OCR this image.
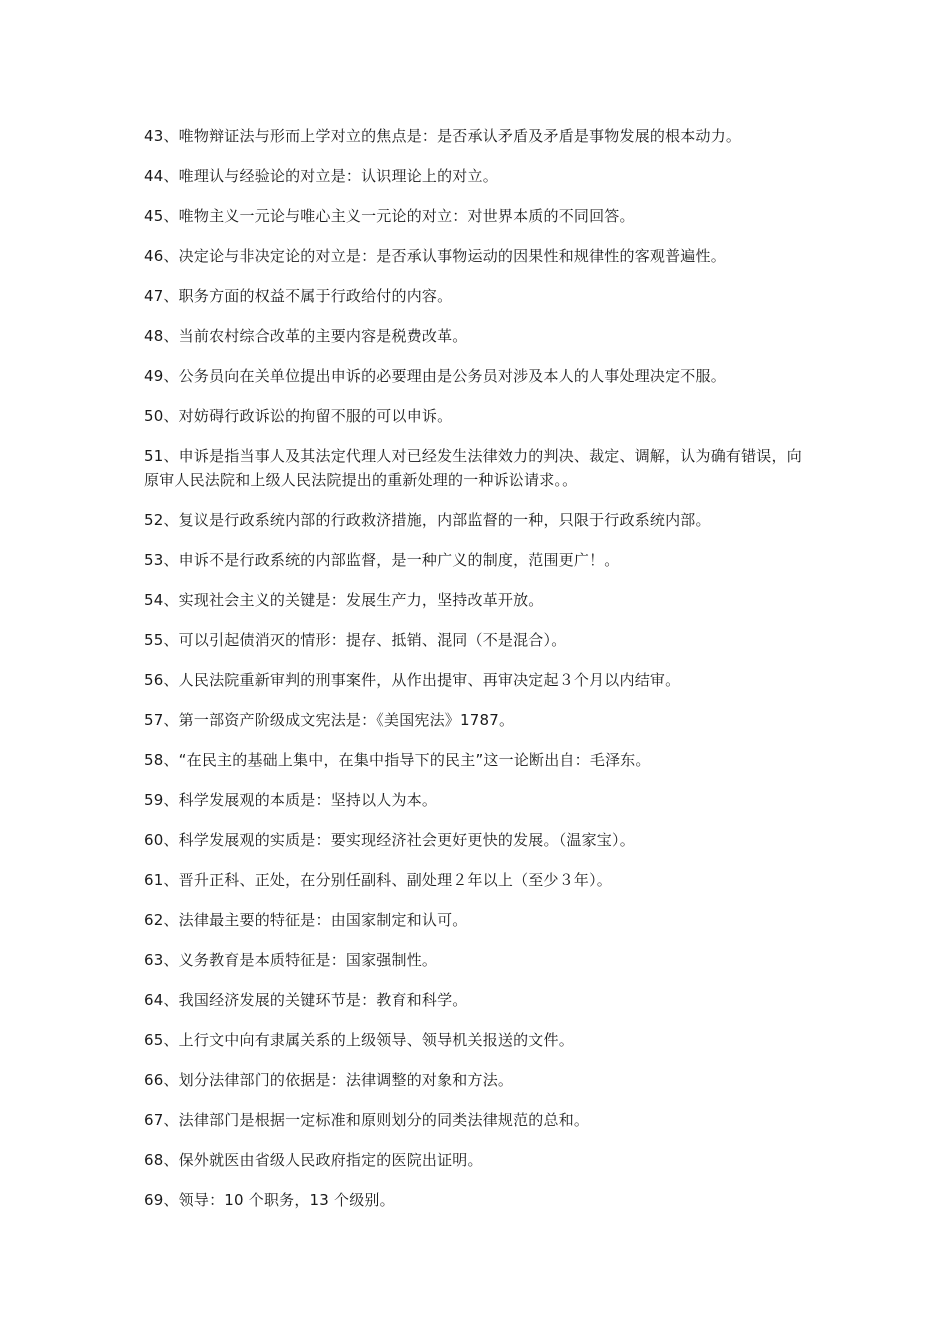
43、唯物辩证法与形而上学对立的焦点是：是否承认矛盾及矛盾是事物发展的根本动力。

44、唯理认与经验论的对立是：认识理论上的对立。

45、唯物主义一元论与唯心主义一元论的对立：对世界本质的不同回答。

46、决定论与非决定论的对立是：是否承认事物运动的因果性和规律性的客观普遍性。

47、职务方面的权益不属于行政给付的内容。

48、当前农村综合改革的主要内容是税费改革。

49、公务员向在关单位提出申诉的必要理由是公务员对涉及本人的人事处理决定不服。

50、对妨碍行政诉讼的拘留不服的可以申诉。

51、申诉是指当事人及其法定代理人对已经发生法律效力的判决、裁定、调解，认为确有错误，向原审人民法院和上级人民法院提出的重新处理的一种诉讼请求。。

52、复议是行政系统内部的行政救济措施，内部监督的一种，只限于行政系统内部。

53、申诉不是行政系统的内部监督，是一种广义的制度，范围更广！。

54、实现社会主义的关键是：发展生产力，坚持改革开放。

55、可以引起债消灭的情形：提存、抵销、混同（不是混合）。

56、人民法院重新审判的刑事案件，从作出提审、再审决定起３个月以内结审。

57、第一部资产阶级成文宪法是：《美国宪法》1787。

58、“在民主的基础上集中，在集中指导下的民主”这一论断出自：毛泽东。

59、科学发展观的本质是：坚持以人为本。

60、科学发展观的实质是：要实现经济社会更好更快的发展。（温家宝）。

61、晋升正科、正处，在分别任副科、副处理２年以上（至少３年）。

62、法律最主要的特征是：由国家制定和认可。

63、义务教育是本质特征是：国家强制性。

64、我国经济发展的关键环节是：教育和科学。

65、上行文中向有隶属关系的上级领导、领导机关报送的文件。

66、划分法律部门的依据是：法律调整的对象和方法。

67、法律部门是根据一定标准和原则划分的同类法律规范的总和。

68、保外就医由省级人民政府指定的医院出证明。

69、领导：10 个职务，13 个级别。
